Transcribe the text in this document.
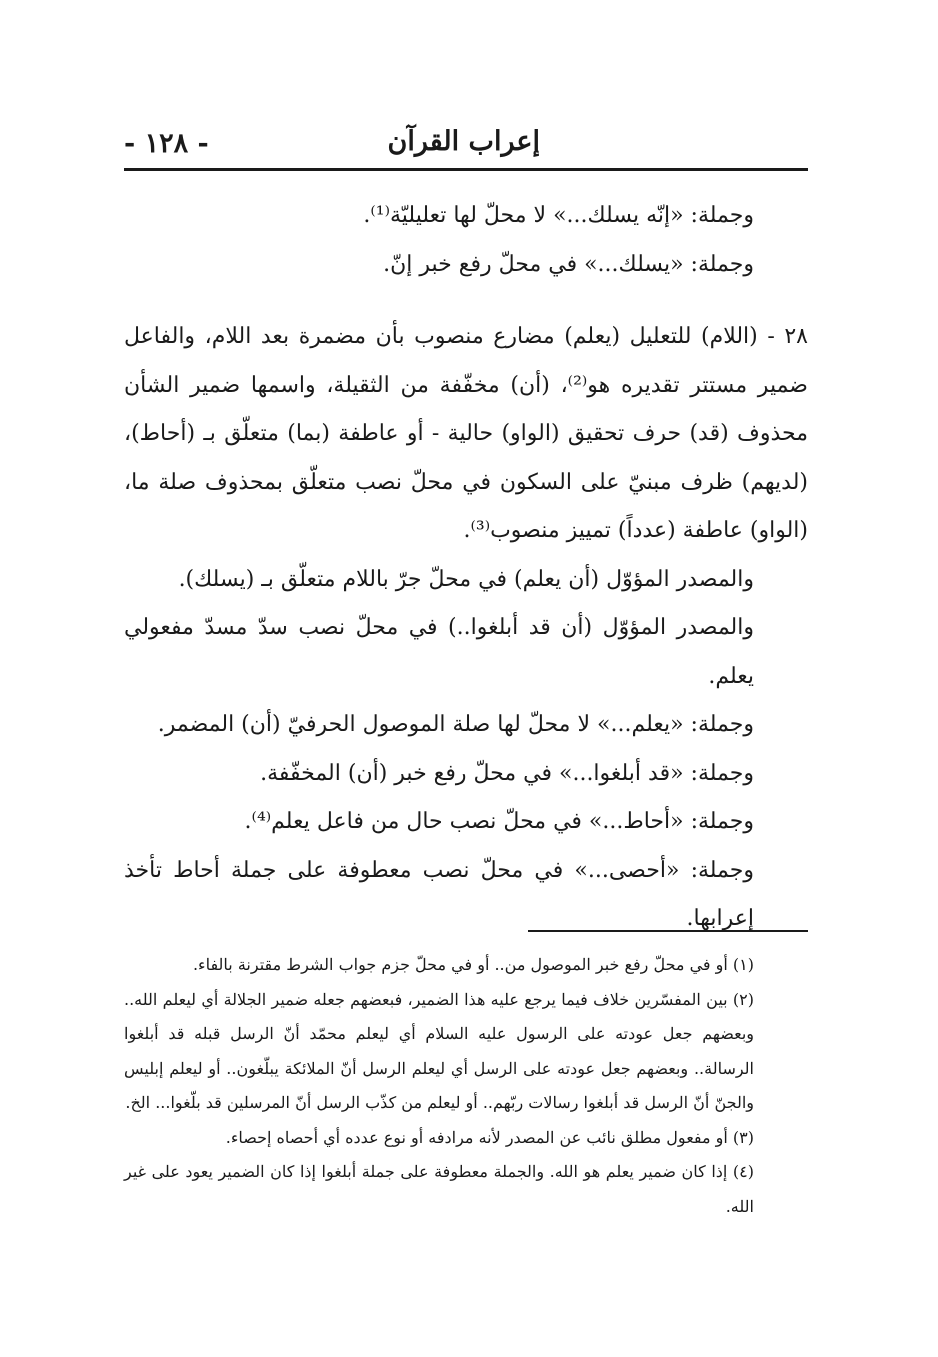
إعراب القرآن
- ١٢٨ -

وجملة: «إنّه يسلك...» لا محلّ لها تعليليّة⁽¹⁾.

وجملة: «يسلك...» في محلّ رفع خبر إنّ.

٢٨ - (اللام) للتعليل (يعلم) مضارع منصوب بأن مضمرة بعد اللام، والفاعل ضمير مستتر تقديره هو⁽²⁾، (أن) مخفّفة من الثقيلة، واسمها ضمير الشأن محذوف (قد) حرف تحقيق (الواو) حالية - أو عاطفة (بما) متعلّق بـ (أحاط)، (لديهم) ظرف مبنيّ على السكون في محلّ نصب متعلّق بمحذوف صلة ما، (الواو) عاطفة (عدداً) تمييز منصوب⁽³⁾.

والمصدر المؤوّل (أن يعلم) في محلّ جرّ باللام متعلّق بـ (يسلك).

والمصدر المؤوّل (أن قد أبلغوا..) في محلّ نصب سدّ مسدّ مفعولي يعلم.

وجملة: «يعلم...» لا محلّ لها صلة الموصول الحرفيّ (أن) المضمر.

وجملة: «قد أبلغوا...» في محلّ رفع خبر (أن) المخفّفة.

وجملة: «أحاط...» في محلّ نصب حال من فاعل يعلم⁽⁴⁾.

وجملة: «أحصى...» في محلّ نصب معطوفة على جملة أحاط تأخذ إعرابها.

(١) أو في محلّ رفع خبر الموصول من.. أو في محلّ جزم جواب الشرط مقترنة بالفاء.

(٢) بين المفسّرين خلاف فيما يرجع عليه هذا الضمير، فبعضهم جعله ضمير الجلالة أي ليعلم الله.. وبعضهم جعل عودته على الرسول عليه السلام أي ليعلم محمّد أنّ الرسل قبله قد أبلغوا الرسالة.. وبعضهم جعل عودته على الرسل أي ليعلم الرسل أنّ الملائكة يبلّغون.. أو ليعلم إبليس والجنّ أنّ الرسل قد أبلغوا رسالات ربّهم.. أو ليعلم من كذّب الرسل أنّ المرسلين قد بلّغوا... الخ.

(٣) أو مفعول مطلق نائب عن المصدر لأنه مرادفه أو نوع عدده أي أحصاه إحصاء.

(٤) إذا كان ضمير يعلم هو الله. والجملة معطوفة على جملة أبلغوا إذا كان الضمير يعود على غير الله.
